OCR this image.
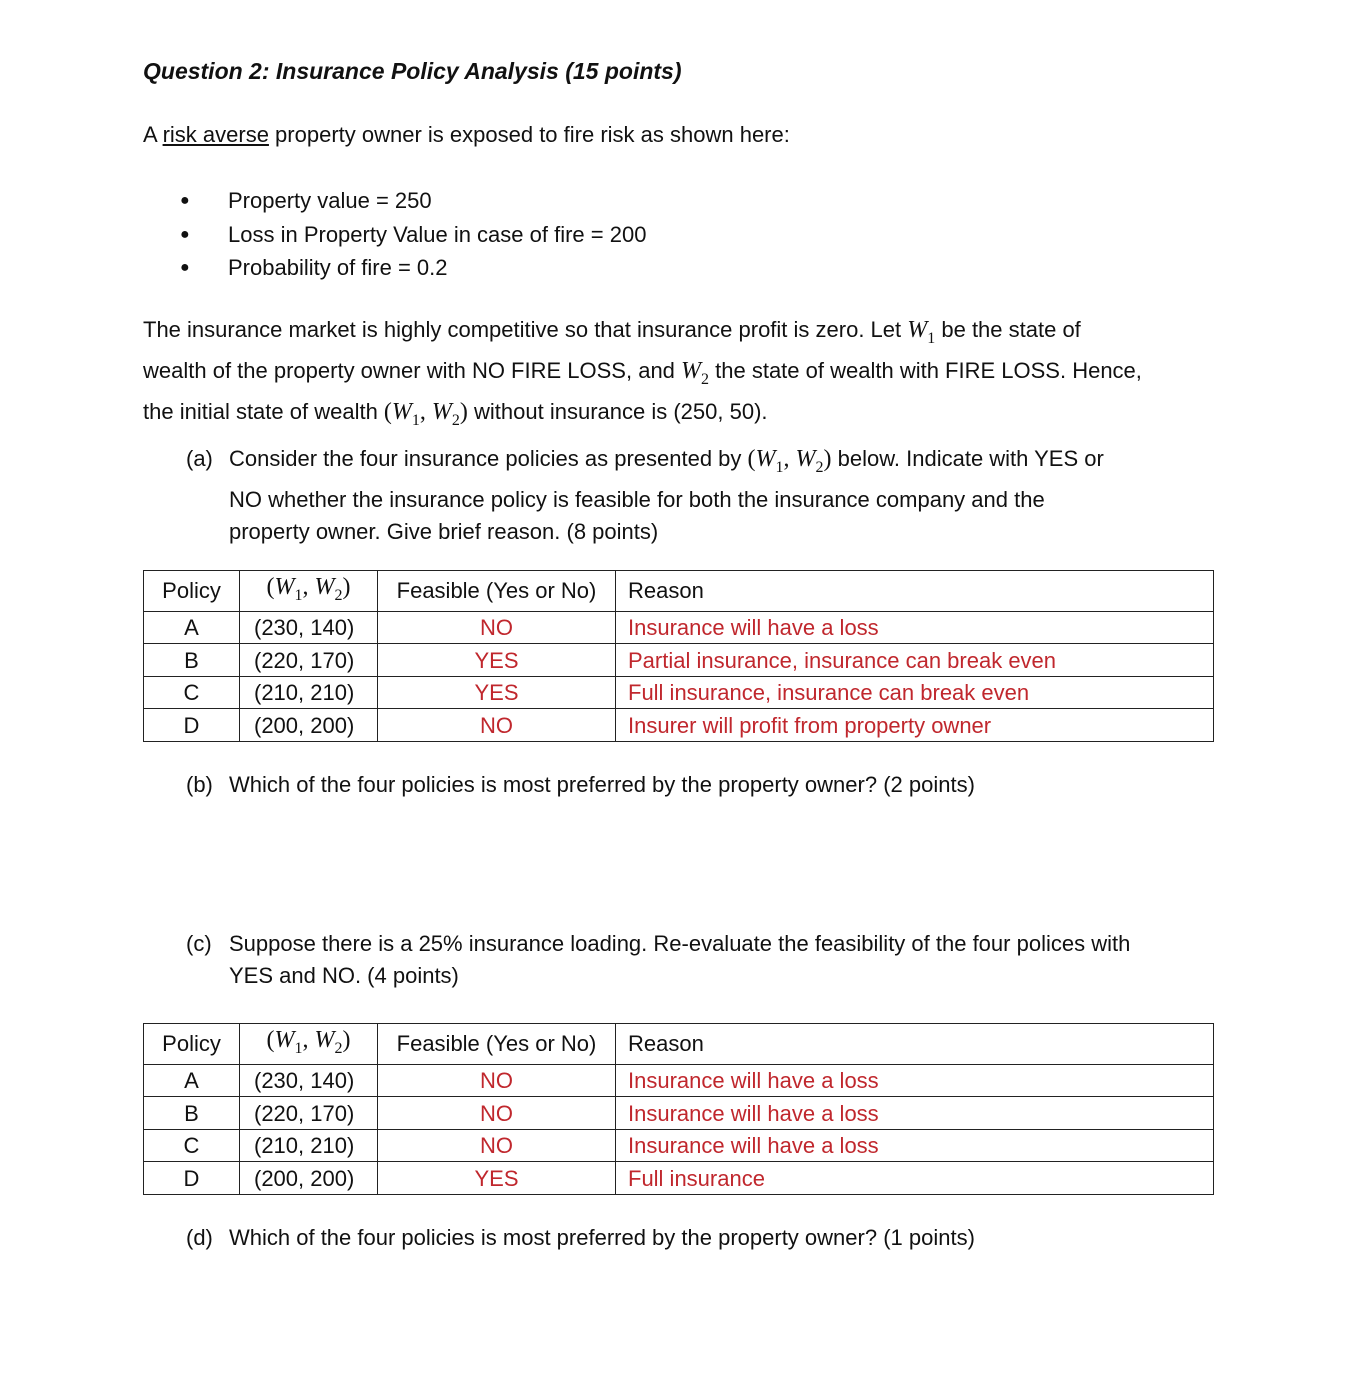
Question 2: Insurance Policy Analysis (15 points)
A risk averse property owner is exposed to fire risk as shown here:
● Property value = 250
● Loss in Property Value in case of fire = 200
● Probability of fire = 0.2
The insurance market is highly competitive so that insurance profit is zero. Let $W_1$ be the state of
wealth of the property owner with NO FIRE LOSS, and $W_2$ the state of wealth with FIRE LOSS. Hence,
the initial state of wealth ($W_1$, $W_2$) without insurance is (250, 50).
(a) Consider the four insurance policies as presented by ($W_1$, $W_2$) below. Indicate with YES or
NO whether the insurance policy is feasible for both the insurance company and the
property owner. Give brief reason. (8 points)
Policy	($W_1$, $W_2$)	Feasible (Yes or No)	Reason
A	(230, 140)	NO	Insurance will have a loss
B	(220, 170)	YES	Partial insurance, insurance can break even
C	(210, 210)	YES	Full insurance, insurance can break even
D	(200, 200)	NO	Insurer will profit from property owner
(b) Which of the four policies is most preferred by the property owner? (2 points)
(c) Suppose there is a 25% insurance loading. Re-evaluate the feasibility of the four polices with
YES and NO. (4 points)
Policy	($W_1$, $W_2$)	Feasible (Yes or No)	Reason
A	(230, 140)	NO	Insurance will have a loss
B	(220, 170)	NO	Insurance will have a loss
C	(210, 210)	NO	Insurance will have a loss
D	(200, 200)	YES	Full insurance
(d) Which of the four policies is most preferred by the property owner? (1 points)
